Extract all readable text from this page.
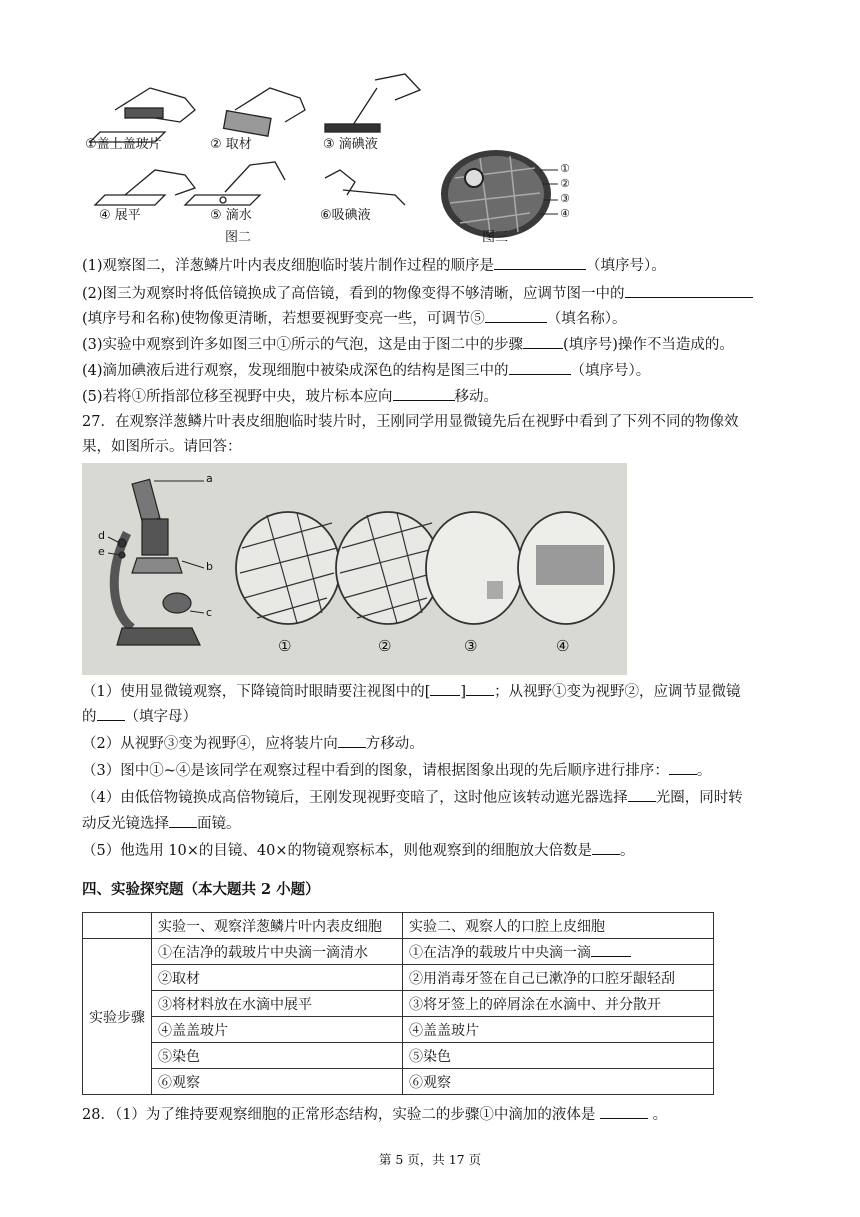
①盖上盖玻片	② 取材	③ 滴碘液
④ 展平	⑤ 滴水	⑥吸碘液
图二
①
②
③
④
图三
(1)观察图二，洋葱鳞片叶内表皮细胞临时装片制作过程的顺序是	（填序号）。
(2)图三为观察时将低倍镜换成了高倍镜，看到的物像变得不够清晰，应调节图一中的
(填序号和名称)使物像更清晰，若想要视野变亮一些，可调节⑤	（填名称）。
(3)实验中观察到许多如图三中①所示的气泡，这是由于图二中的步骤	(填序号)操作不当造成的。
(4)滴加碘液后进行观察，发现细胞中被染成深色的结构是图三中的	（填序号）。
(5)若将①所指部位移至视野中央，玻片标本应向	移动。
27．在观察洋葱鳞片叶表皮细胞临时装片时，王刚同学用显微镜先后在视野中看到了下列不同的物像效
果，如图所示。请回答：
a
b
c
d
e
①	②	③	④
（1）使用显微镜观察，下降镜筒时眼睛要注视图中的[ ] ；从视野①变为视野②，应调节显微镜
的 （填字母）
（2）从视野③变为视野④，应将装片向 方移动。
（3）图中①~④是该同学在观察过程中看到的图象，请根据图象出现的先后顺序进行排序： 。
（4）由低倍物镜换成高倍物镜后，王刚发现视野变暗了，这时他应该转动遮光器选择 光圈，同时转
动反光镜选择 面镜。
（5）他选用 10×的目镜、40×的物镜观察标本，则他观察到的细胞放大倍数是 。
四、实验探究题（本大题共 2 小题）
	实验一、观察洋葱鳞片叶内表皮细胞	实验二、观察人的口腔上皮细胞
实验步骤	①在洁净的载玻片中央滴一滴清水	①在洁净的载玻片中央滴一滴
	②取材	②用消毒牙签在自己已漱净的口腔牙龈轻刮
	③将材料放在水滴中展平	③将牙签上的碎屑涂在水滴中、并分散开
	④盖盖玻片	④盖盖玻片
	⑤染色	⑤染色
	⑥观察	⑥观察
28．（1）为了维持要观察细胞的正常形态结构，实验二的步骤①中滴加的液体是	。
第 5 页，共 17 页
